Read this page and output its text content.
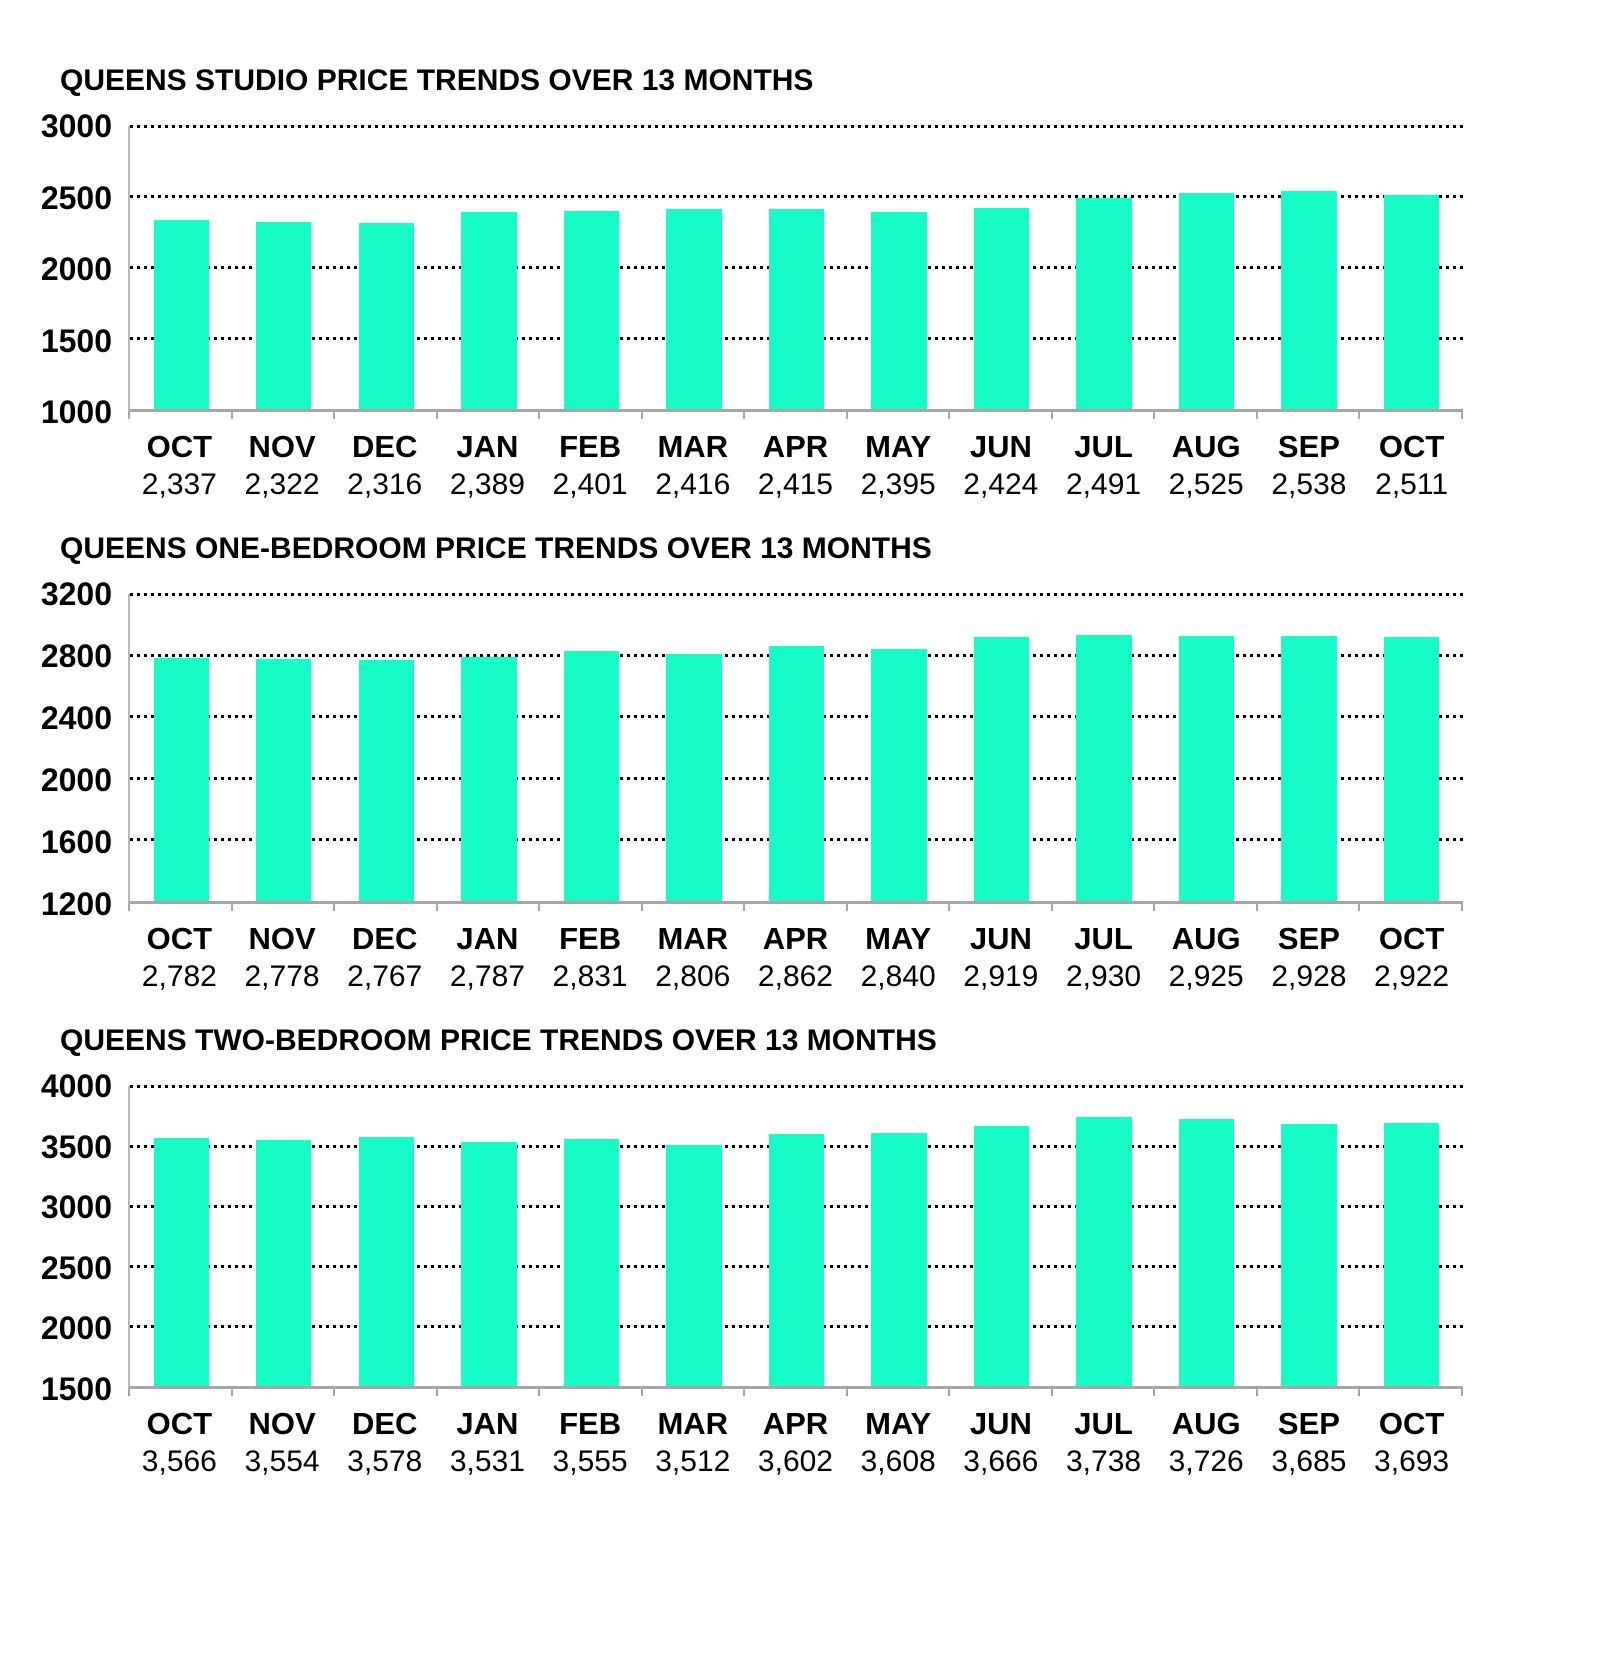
QUEENS STUDIO PRICE TRENDS OVER 13 MONTHS
3000
2500
2000
1500
1000
OCT
2,337
NOV
2,322
DEC
2,316
JAN
2,389
FEB
2,401
MAR
2,416
APR
2,415
MAY
2,395
JUN
2,424
JUL
2,491
AUG
2,525
SEP
2,538
OCT
2,511
QUEENS ONE-BEDROOM PRICE TRENDS OVER 13 MONTHS
3200
2800
2400
2000
1600
1200
OCT
2,782
NOV
2,778
DEC
2,767
JAN
2,787
FEB
2,831
MAR
2,806
APR
2,862
MAY
2,840
JUN
2,919
JUL
2,930
AUG
2,925
SEP
2,928
OCT
2,922
QUEENS TWO-BEDROOM PRICE TRENDS OVER 13 MONTHS
4000
3500
3000
2500
2000
1500
OCT
3,566
NOV
3,554
DEC
3,578
JAN
3,531
FEB
3,555
MAR
3,512
APR
3,602
MAY
3,608
JUN
3,666
JUL
3,738
AUG
3,726
SEP
3,685
OCT
3,693
